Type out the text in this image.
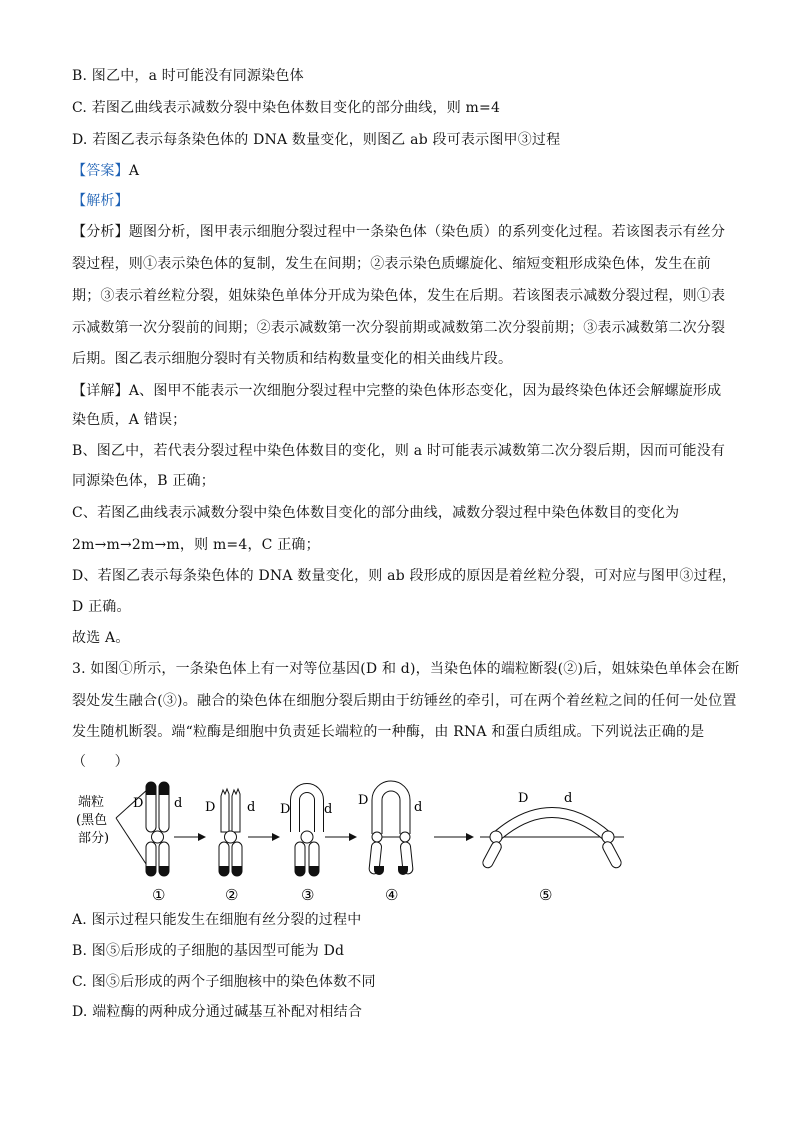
B. 图乙中，a 时可能没有同源染色体
C. 若图乙曲线表示减数分裂中染色体数目变化的部分曲线，则 m=4
D. 若图乙表示每条染色体的 DNA 数量变化，则图乙 ab 段可表示图甲③过程
【答案】A
【解析】
【分析】题图分析，图甲表示细胞分裂过程中一条染色体（染色质）的系列变化过程。若该图表示有丝分
裂过程，则①表示染色体的复制，发生在间期；②表示染色质螺旋化、缩短变粗形成染色体，发生在前
期；③表示着丝粒分裂，姐妹染色单体分开成为染色体，发生在后期。若该图表示减数分裂过程，则①表
示减数第一次分裂前的间期；②表示减数第一次分裂前期或减数第二次分裂前期；③表示减数第二次分裂
后期。图乙表示细胞分裂时有关物质和结构数量变化的相关曲线片段。
【详解】A、图甲不能表示一次细胞分裂过程中完整的染色体形态变化，因为最终染色体还会解螺旋形成
染色质，A 错误；
B、图乙中，若代表分裂过程中染色体数目的变化，则 a 时可能表示减数第二次分裂后期，因而可能没有
同源染色体，B 正确；
C、若图乙曲线表示减数分裂中染色体数目变化的部分曲线，减数分裂过程中染色体数目的变化为
2m→m→2m→m，则 m=4，C 正确；
D、若图乙表示每条染色体的 DNA 数量变化，则 ab 段形成的原因是着丝粒分裂，可对应与图甲③过程，
D 正确。
故选 A。
3. 如图①所示，一条染色体上有一对等位基因(D 和 d)，当染色体的端粒断裂(②)后，姐妹染色单体会在断
裂处发生融合(③)。融合的染色体在细胞分裂后期由于纺锤丝的牵引，可在两个着丝粒之间的任何一处位置
发生随机断裂。端“粒酶是细胞中负责延长端粒的一种酶，由 RNA 和蛋白质组成。下列说法正确的是
（　　）
端粒
(黑色
部分)
D d D d D	d
D	d
D	d
①	②	③	④	⑤
A. 图示过程只能发生在细胞有丝分裂的过程中
B. 图⑤后形成的子细胞的基因型可能为 Dd
C. 图⑤后形成的两个子细胞核中的染色体数不同
D. 端粒酶的两种成分通过碱基互补配对相结合
